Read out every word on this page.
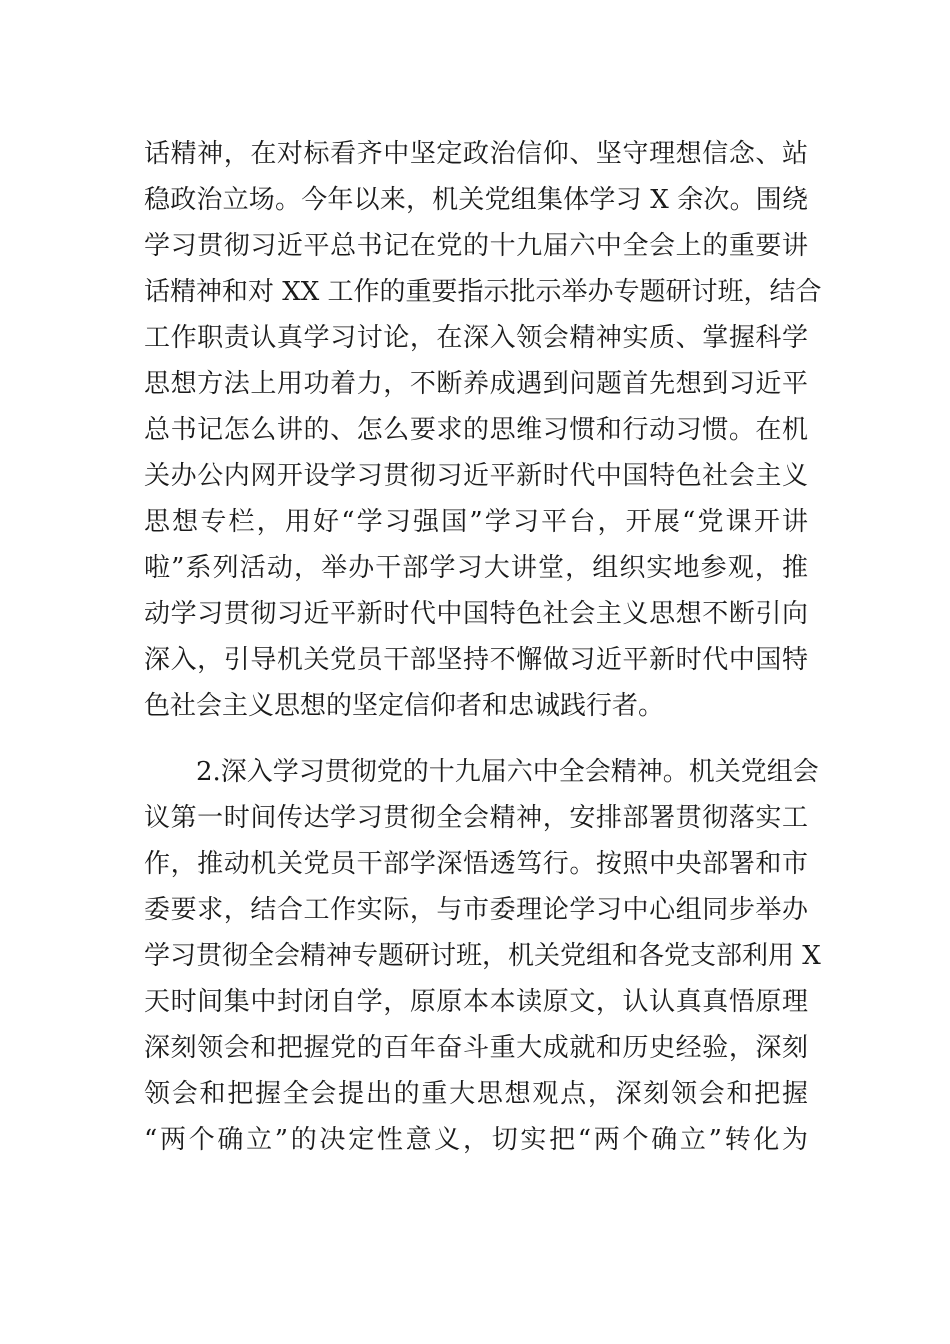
话精神，在对标看齐中坚定政治信仰、坚守理想信念、站
稳政治立场。今年以来，机关党组集体学习 X 余次。围绕
学习贯彻习近平总书记在党的十九届六中全会上的重要讲
话精神和对 XX 工作的重要指示批示举办专题研讨班，结合
工作职责认真学习讨论，在深入领会精神实质、掌握科学
思想方法上用功着力，不断养成遇到问题首先想到习近平
总书记怎么讲的、怎么要求的思维习惯和行动习惯。在机
关办公内网开设学习贯彻习近平新时代中国特色社会主义
思想专栏，用好“学习强国”学习平台，开展“党课开讲
啦”系列活动，举办干部学习大讲堂，组织实地参观，推
动学习贯彻习近平新时代中国特色社会主义思想不断引向
深入，引导机关党员干部坚持不懈做习近平新时代中国特
色社会主义思想的坚定信仰者和忠诚践行者。
2.深入学习贯彻党的十九届六中全会精神。机关党组会
议第一时间传达学习贯彻全会精神，安排部署贯彻落实工
作，推动机关党员干部学深悟透笃行。按照中央部署和市
委要求，结合工作实际，与市委理论学习中心组同步举办
学习贯彻全会精神专题研讨班，机关党组和各党支部利用 X
天时间集中封闭自学，原原本本读原文，认认真真悟原理
深刻领会和把握党的百年奋斗重大成就和历史经验，深刻
领会和把握全会提出的重大思想观点，深刻领会和把握
“两个确立”的决定性意义，切实把“两个确立”转化为
